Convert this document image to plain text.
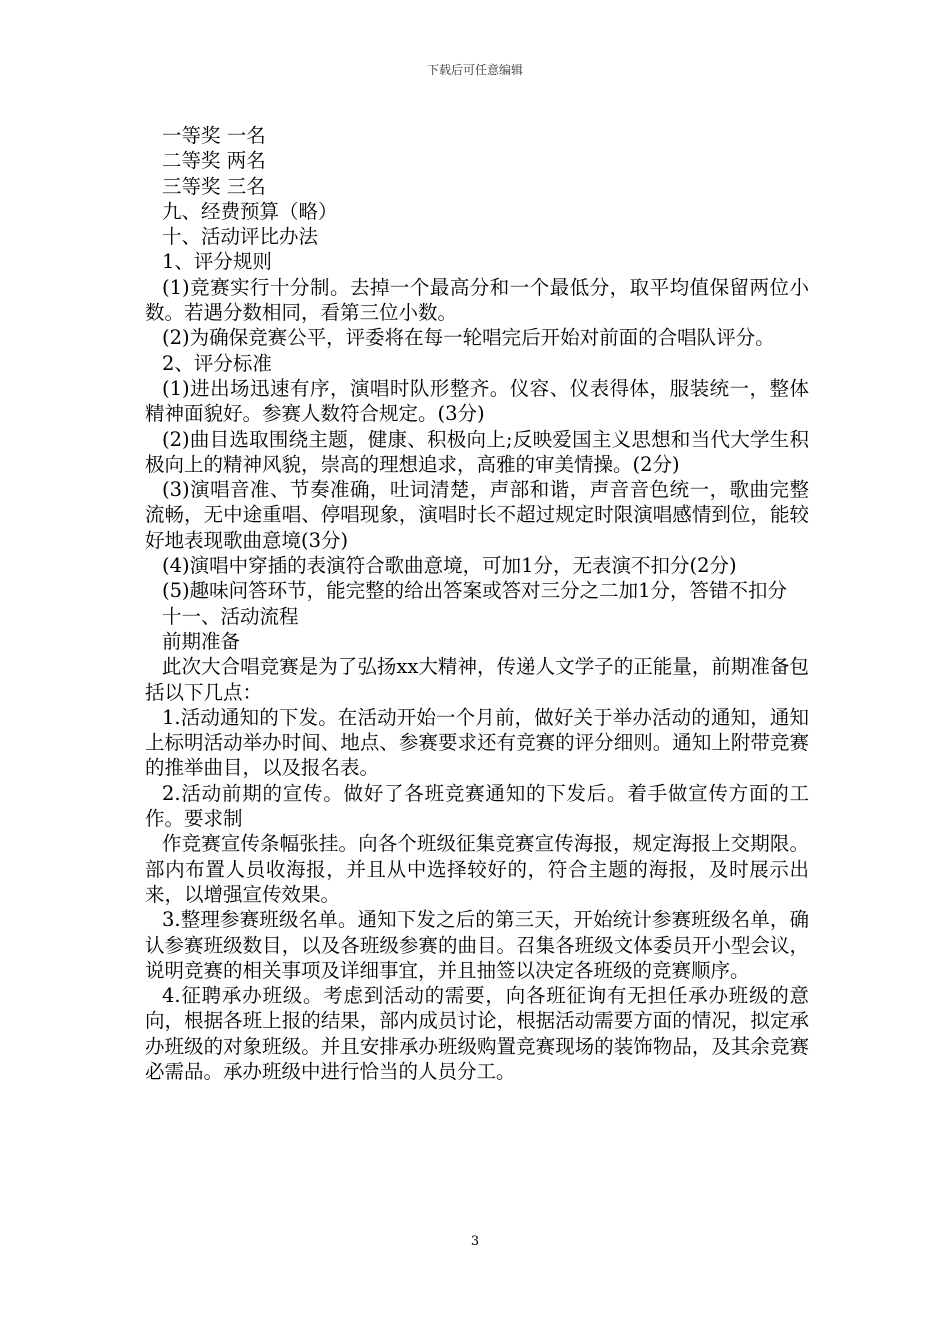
下载后可任意编辑

一等奖 一名

二等奖 两名

三等奖 三名

九、经费预算（略）

十、活动评比办法

1、评分规则

(1)竞赛实行十分制。去掉一个最高分和一个最低分，取平均值保留两位小数。若遇分数相同，看第三位小数。

(2)为确保竞赛公平，评委将在每一轮唱完后开始对前面的合唱队评分。

2、评分标准

(1)进出场迅速有序，演唱时队形整齐。仪容、仪表得体，服装统一，整体精神面貌好。参赛人数符合规定。(3分)

(2)曲目选取围绕主题，健康、积极向上;反映爱国主义思想和当代大学生积极向上的精神风貌，崇高的理想追求，高雅的审美情操。(2分)

(3)演唱音准、节奏准确，吐词清楚，声部和谐，声音音色统一，歌曲完整流畅，无中途重唱、停唱现象，演唱时长不超过规定时限演唱感情到位，能较好地表现歌曲意境(3分)

(4)演唱中穿插的表演符合歌曲意境，可加1分，无表演不扣分(2分)

(5)趣味问答环节，能完整的给出答案或答对三分之二加1分，答错不扣分

十一、活动流程

前期准备

此次大合唱竞赛是为了弘扬xx大精神，传递人文学子的正能量，前期准备包括以下几点：

1.活动通知的下发。在活动开始一个月前，做好关于举办活动的通知，通知上标明活动举办时间、地点、参赛要求还有竞赛的评分细则。通知上附带竞赛的推举曲目，以及报名表。

2.活动前期的宣传。做好了各班竞赛通知的下发后。着手做宣传方面的工作。要求制

作竞赛宣传条幅张挂。向各个班级征集竞赛宣传海报，规定海报上交期限。部内布置人员收海报，并且从中选择较好的，符合主题的海报，及时展示出来，以增强宣传效果。

3.整理参赛班级名单。通知下发之后的第三天，开始统计参赛班级名单，确认参赛班级数目，以及各班级参赛的曲目。召集各班级文体委员开小型会议，说明竞赛的相关事项及详细事宜，并且抽签以决定各班级的竞赛顺序。

4.征聘承办班级。考虑到活动的需要，向各班征询有无担任承办班级的意向，根据各班上报的结果，部内成员讨论，根据活动需要方面的情况，拟定承办班级的对象班级。并且安排承办班级购置竞赛现场的装饰物品，及其余竞赛必需品。承办班级中进行恰当的人员分工。

3
